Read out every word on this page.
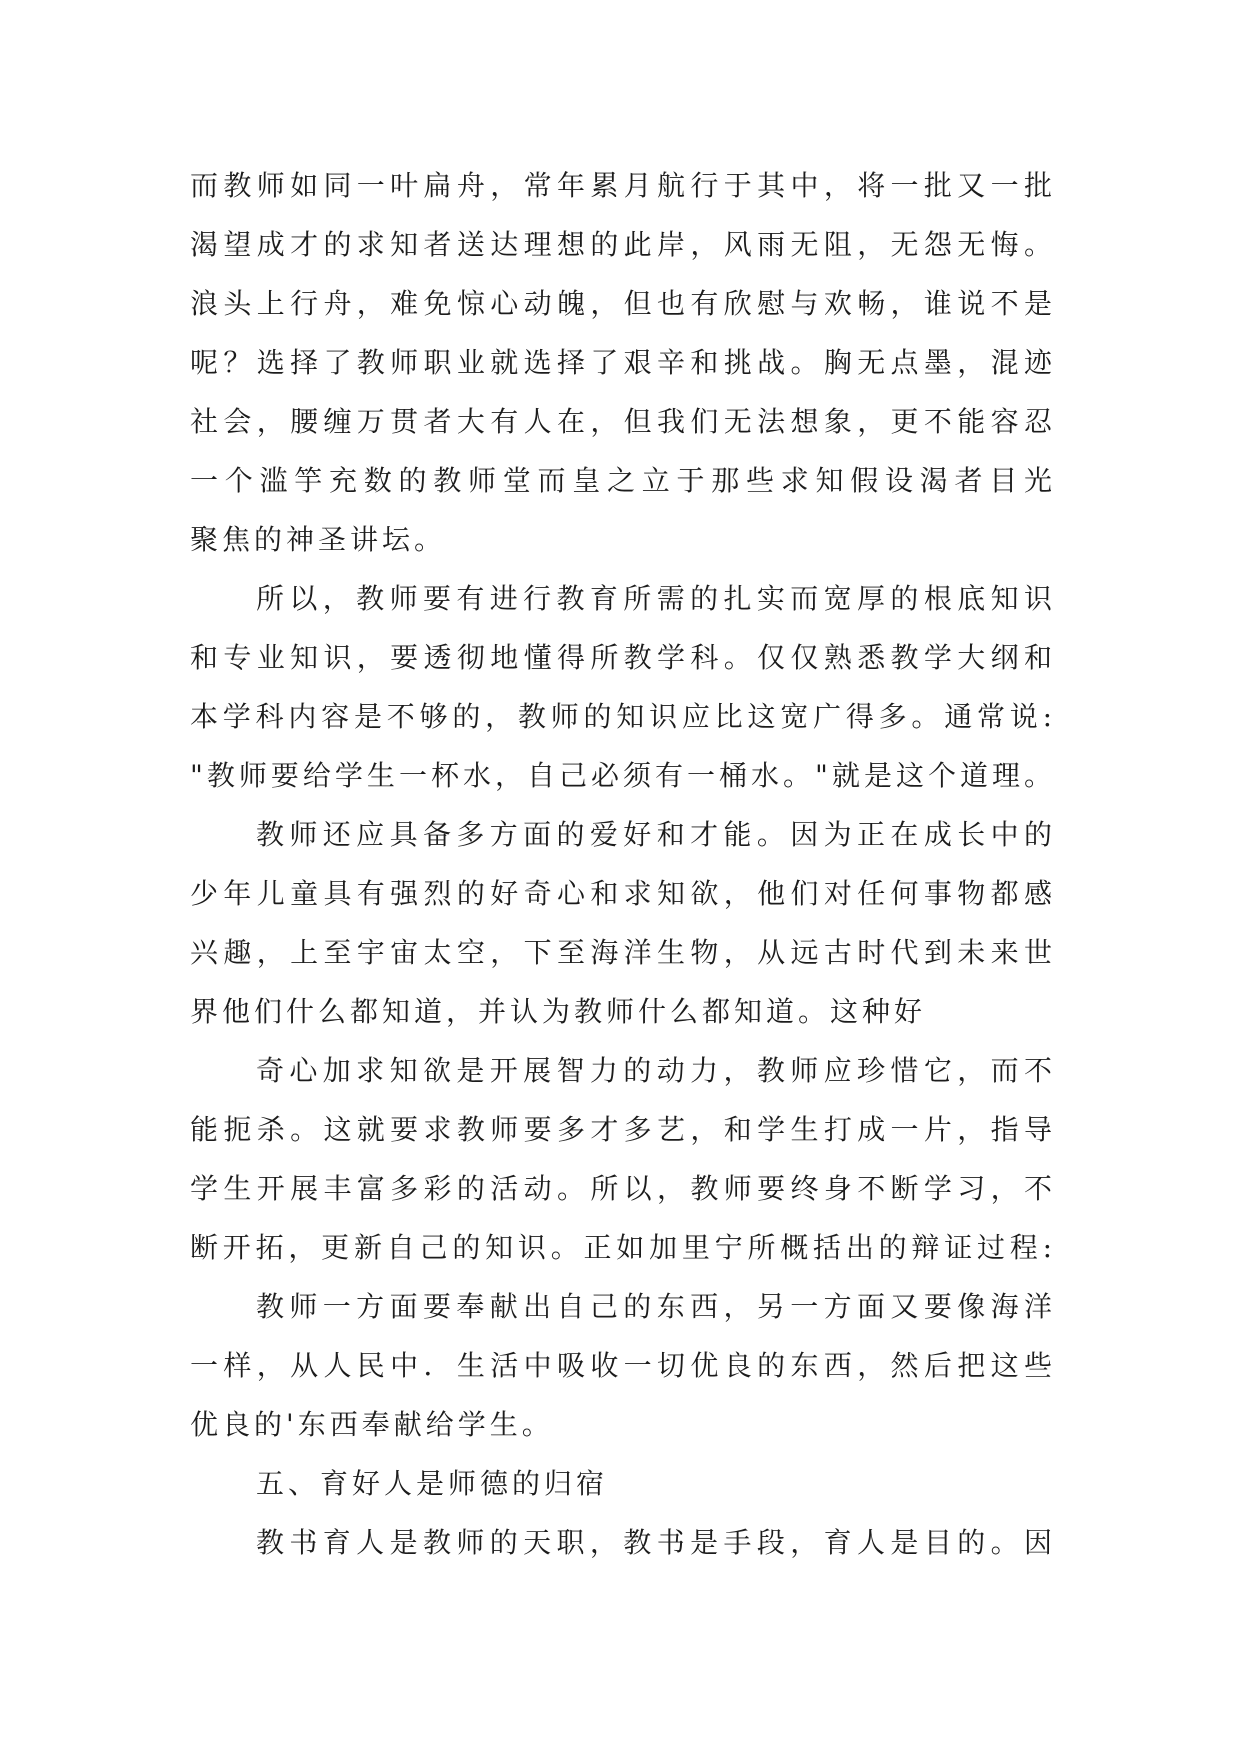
而教师如同一叶扁舟，常年累月航行于其中，将一批又一批
渴望成才的求知者送达理想的此岸，风雨无阻，无怨无悔。
浪头上行舟，难免惊心动魄，但也有欣慰与欢畅，谁说不是
呢？选择了教师职业就选择了艰辛和挑战。胸无点墨，混迹
社会，腰缠万贯者大有人在，但我们无法想象，更不能容忍
一个滥竽充数的教师堂而皇之立于那些求知假设渴者目光
聚焦的神圣讲坛。
所以，教师要有进行教育所需的扎实而宽厚的根底知识
和专业知识，要透彻地懂得所教学科。仅仅熟悉教学大纲和
本学科内容是不够的，教师的知识应比这宽广得多。通常说:
"教师要给学生一杯水，自己必须有一桶水。"就是这个道理。
教师还应具备多方面的爱好和才能。因为正在成长中的
少年儿童具有强烈的好奇心和求知欲，他们对任何事物都感
兴趣，上至宇宙太空，下至海洋生物，从远古时代到未来世
界他们什么都知道，并认为教师什么都知道。这种好
奇心加求知欲是开展智力的动力，教师应珍惜它，而不
能扼杀。这就要求教师要多才多艺，和学生打成一片，指导
学生开展丰富多彩的活动。所以，教师要终身不断学习，不
断开拓，更新自己的知识。正如加里宁所概括出的辩证过程:
教师一方面要奉献出自己的东西，另一方面又要像海洋
一样，从人民中．生活中吸收一切优良的东西，然后把这些
优良的'东西奉献给学生。
五、育好人是师德的归宿
教书育人是教师的天职，教书是手段，育人是目的。因
